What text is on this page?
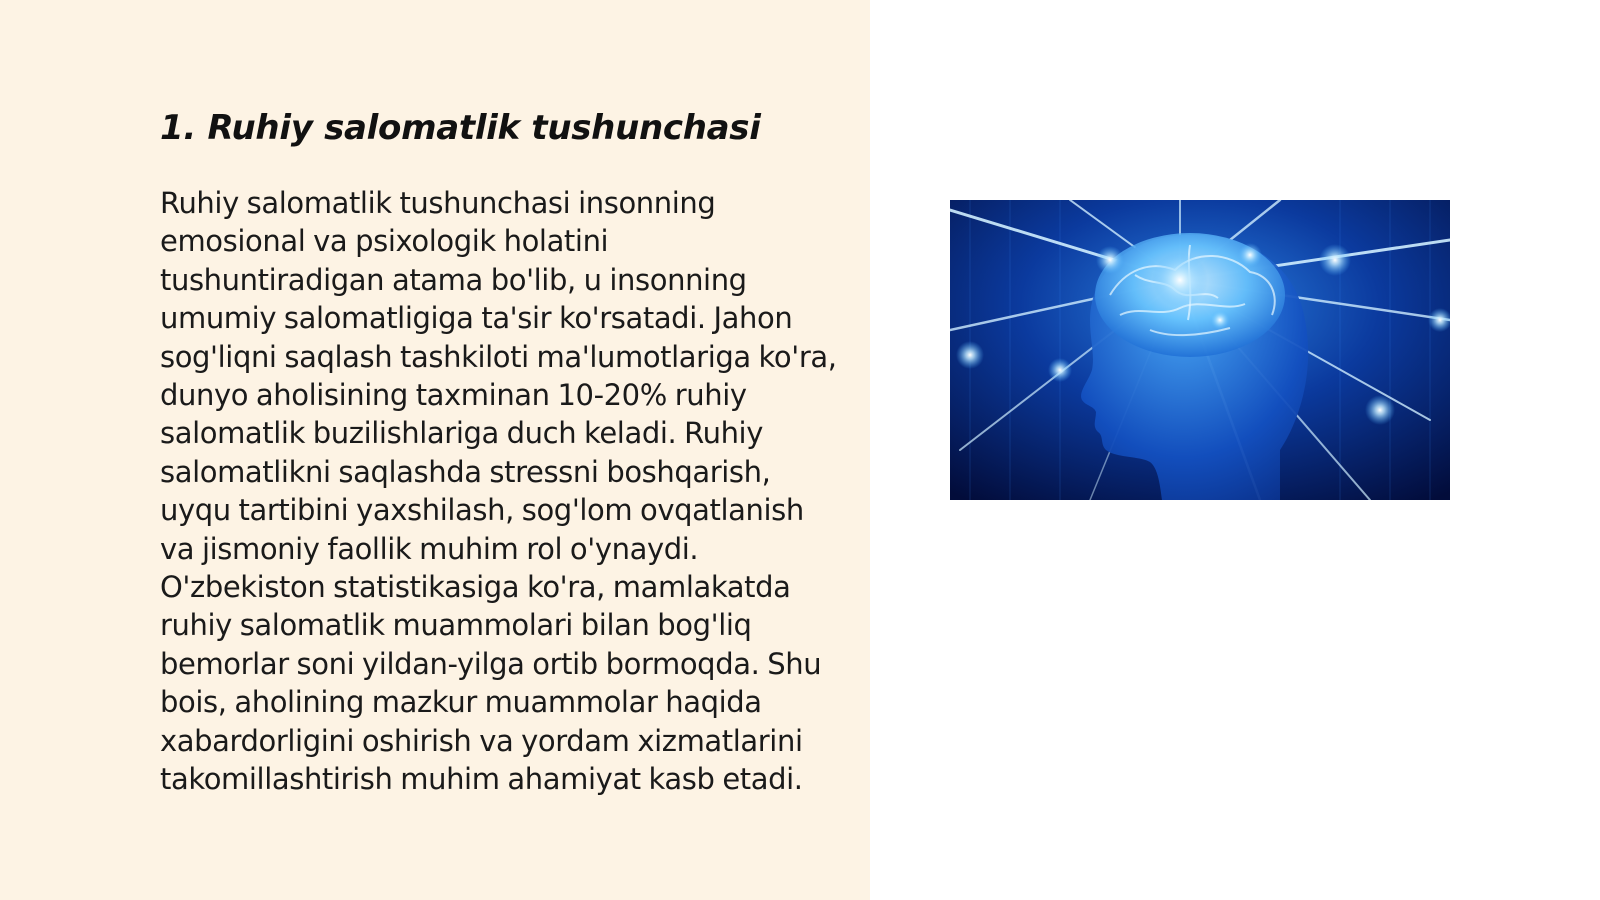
1. Ruhiy salomatlik tushunchasi

Ruhiy salomatlik tushunchasi insonning emosional va psixologik holatini tushuntiradigan atama bo'lib, u insonning umumiy salomatligiga ta'sir ko'rsatadi. Jahon sog'liqni saqlash tashkiloti ma'lumotlariga ko'ra, dunyo aholisining taxminan 10-20% ruhiy salomatlik buzilishlariga duch keladi. Ruhiy salomatlikni saqlashda stressni boshqarish, uyqu tartibini yaxshilash, sog'lom ovqatlanish va jismoniy faollik muhim rol o'ynaydi. O'zbekiston statistikasiga ko'ra, mamlakatda ruhiy salomatlik muammolari bilan bog'liq bemorlar soni yildan-yilga ortib bormoqda. Shu bois, aholining mazkur muammolar haqida xabardorligini oshirish va yordam xizmatlarini takomillashtirish muhim ahamiyat kasb etadi.
